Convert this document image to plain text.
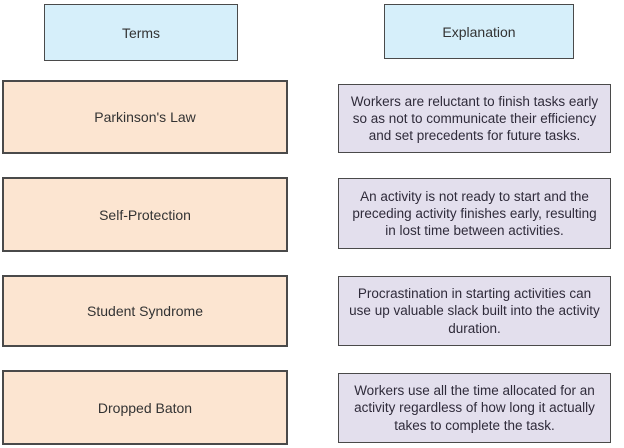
Terms	Explanation
Parkinson's Law
Workers are reluctant to finish tasks early so as not to communicate their efficiency and set precedents for future tasks.
Self-Protection
An activity is not ready to start and the preceding activity finishes early, resulting in lost time between activities.
Student Syndrome
Procrastination in starting activities can use up valuable slack built into the activity duration.
Dropped Baton
Workers use all the time allocated for an activity regardless of how long it actually takes to complete the task.
